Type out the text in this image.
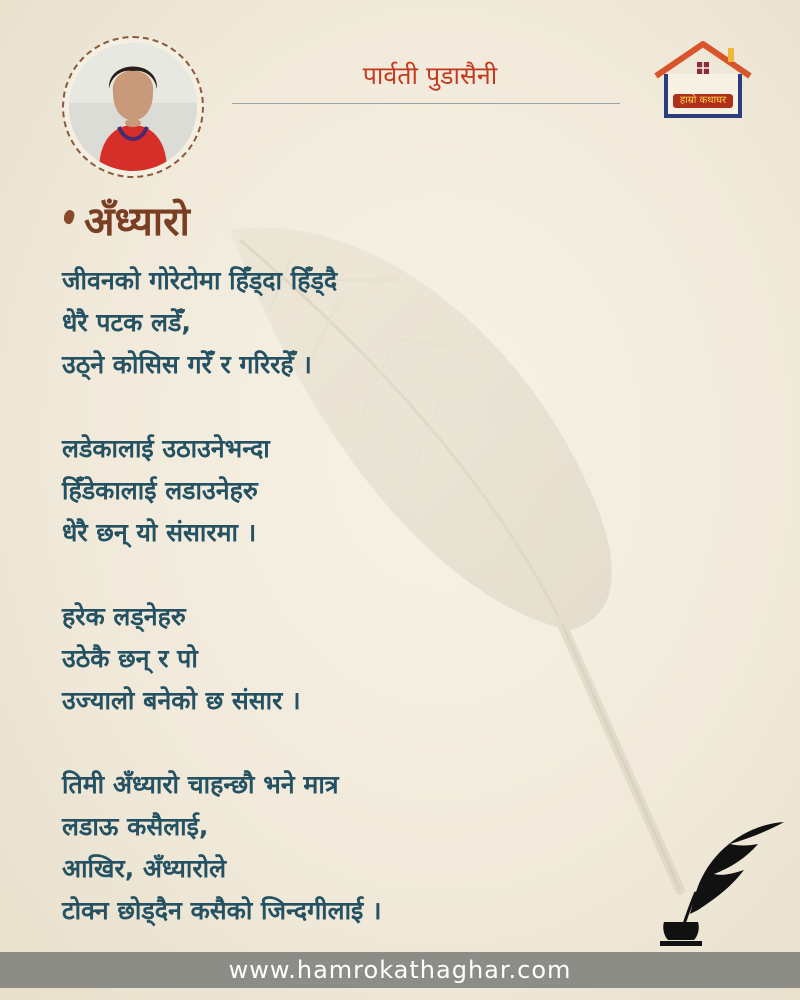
पार्वती पुडासैनी
हाम्रो कथाघर
अँध्यारो
जीवनको गोरेटोमा हिँड्दा हिँड्दै
धेरै पटक लडेँ,
उठ्ने कोसिस गरेँ र गरिरहेँ ।
लडेकालाई उठाउनेभन्दा
हिँडेकालाई लडाउनेहरु
धेरै छन् यो संसारमा ।
हरेक लड्नेहरु
उठेकै छन् र पो
उज्यालो बनेको छ संसार ।
तिमी अँध्यारो चाहन्छौ भने मात्र
लडाऊ कसैलाई,
आखिर, अँध्यारोले
टोक्न छोड्दैन कसैको जिन्दगीलाई ।
www.hamrokathaghar.com
